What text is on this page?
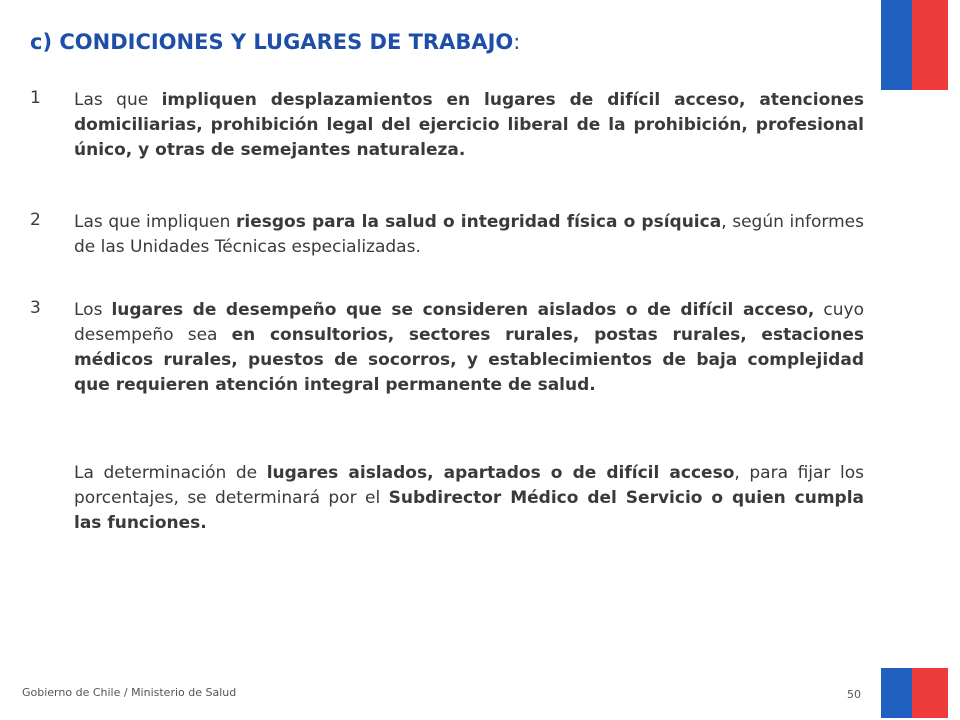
c) CONDICIONES Y LUGARES DE TRABAJO:
1 Las que impliquen desplazamientos en lugares de difícil acceso, atenciones domiciliarias, prohibición legal del ejercicio liberal de la prohibición, profesional único, y otras de semejantes naturaleza.
2 Las que impliquen riesgos para la salud o integridad física o psíquica, según informes de las Unidades Técnicas especializadas.
3 Los lugares de desempeño que se consideren aislados o de difícil acceso, cuyo desempeño sea en consultorios, sectores rurales, postas rurales, estaciones médicos rurales, puestos de socorros, y establecimientos de baja complejidad que requieren atención integral permanente de salud.
La determinación de lugares aislados, apartados o de difícil acceso, para fijar los porcentajes, se determinará por el Subdirector Médico del Servicio o quien cumpla las funciones.
Gobierno de Chile / Ministerio de Salud	50
